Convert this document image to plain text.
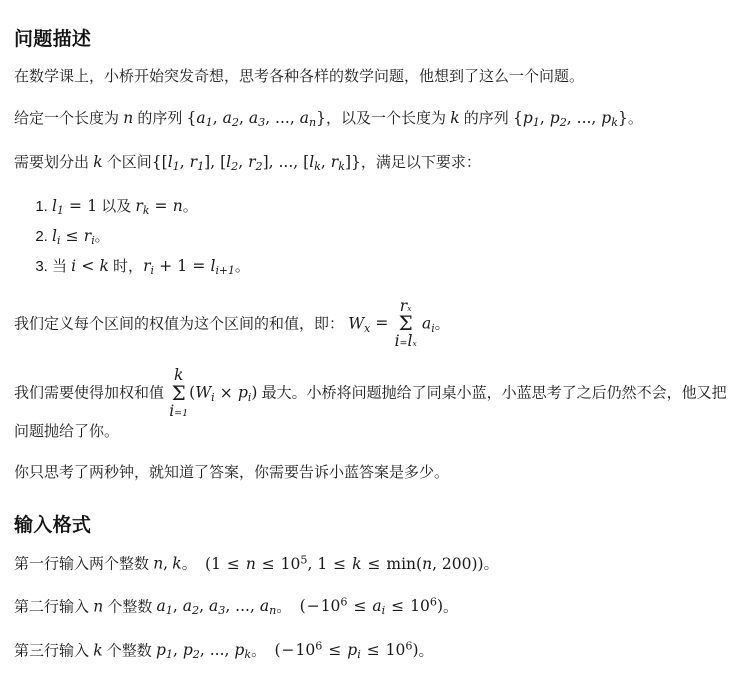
问题描述

在数学课上，小桥开始突发奇想，思考各种各样的数学问题，他想到了这么一个问题。

给定一个长度为 n 的序列 {$a_1$, $a_2$, $a_3$, ..., $a_n$}，以及一个长度为 k 的序列 {$p_1$, $p_2$, ..., $p_k$}。

需要划分出 k 个区间{[$l_1$, $r_1$], [$l_2$, $r_2$], ..., [$l_k$, $r_k$]}，满足以下要求：

1. $l_1 = 1$ 以及 $r_k = n$。
2. $l_i \le r_i$。
3. 当 i < k 时，$r_i + 1 = l_{i+1}$。

我们定义每个区间的权值为这个区间的和值，即： $W_x$ =
rx
Σ
i=lx
$a_i$。

我们需要使得加权和值
k
Σ
i=1
$(W_i \times p_i)$ 最大。小桥将问题抛给了同桌小蓝，小蓝思考了之后仍然不会，他又把问题抛给了你。

你只思考了两秒钟，就知道了答案，你需要告诉小蓝答案是多少。

输入格式

第一行输入两个整数 n, k。 ($1 \le n \le 10^5$, 1 ≤ k ≤ min(n, 200))。

第二行输入 n 个整数 $a_1$, $a_2$, $a_3$, ..., $a_n$。 $(-10^6 \le a_i \le 10^6)$。

第三行输入 k 个整数 $p_1$, $p_2$, ..., $p_k$。 $(-10^6 \le p_i \le 10^6)$。
